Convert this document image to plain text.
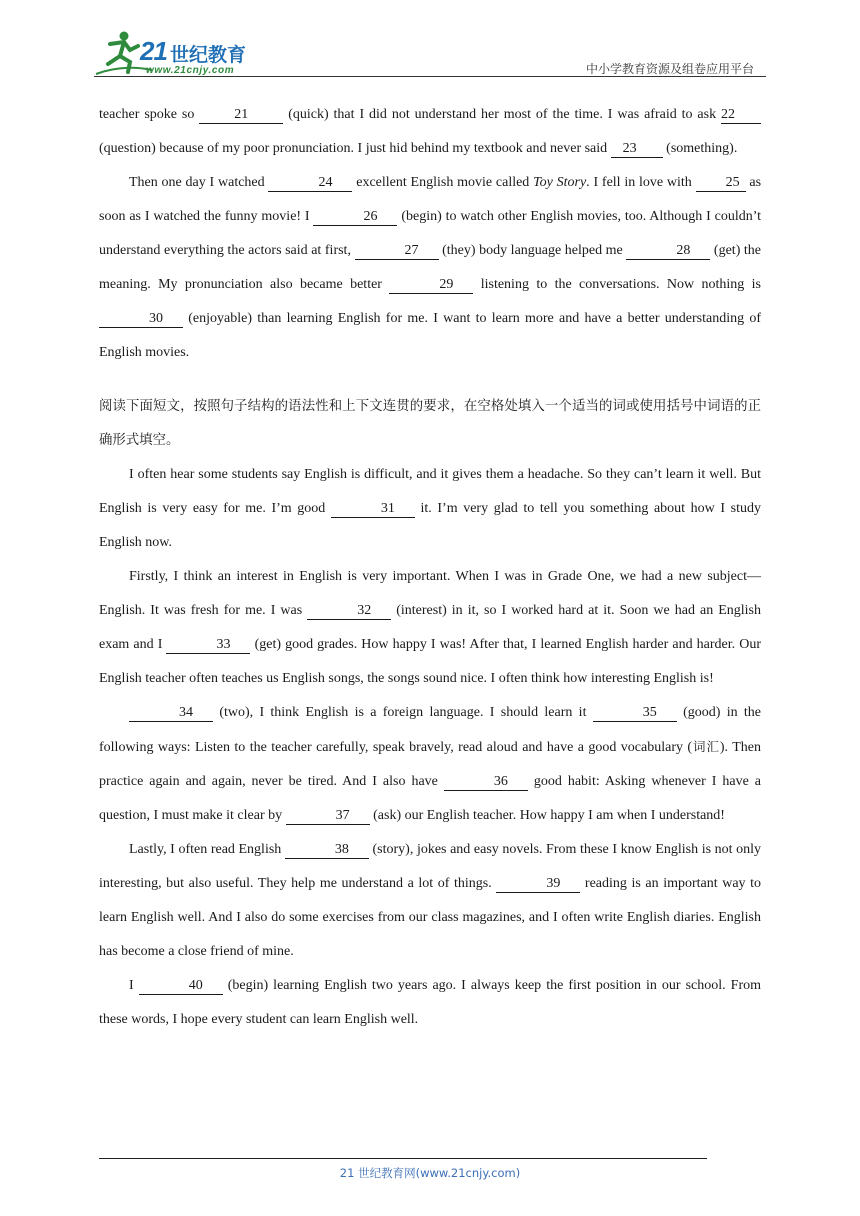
21 世纪教育
www.21cnjy.com	中小学教育资源及组卷应用平台

teacher spoke so	21	(quick) that I did not understand her most of the time. I was afraid to ask 22 (question) because of my poor pronunciation. I just hid behind my textbook and never said 23 (something).

Then one day I watched	24 excellent English movie called Toy Story. I fell in love with 25 as soon as I watched the funny movie! I	26 (begin) to watch other English movies, too. Although I couldn’t understand everything the actors said at first,	27 (they) body language helped me	28 (get) the meaning. My pronunciation also became better	29 listening to the conversations. Now nothing is 30 (enjoyable) than learning English for me. I want to learn more and have a better understanding of English movies.

阅读下面短文，按照句子结构的语法性和上下文连贯的要求，在空格处填入一个适当的词或使用括号中词语的正确形式填空。

I often hear some students say English is difficult, and it gives them a headache. So they can’t learn it well. But English is very easy for me. I’m good	31 it. I’m very glad to tell you something about how I study English now.

Firstly, I think an interest in English is very important. When I was in Grade One, we had a new subject—English. It was fresh for me. I was	32 (interest) in it, so I worked hard at it. Soon we had an English exam and I	33 (get) good grades. How happy I was! After that, I learned English harder and harder. Our English teacher often teaches us English songs, the songs sound nice. I often think how interesting English is!

34 (two), I think English is a foreign language. I should learn it	35 (good) in the following ways: Listen to the teacher carefully, speak bravely, read aloud and have a good vocabulary (词汇). Then practice again and again, never be tired. And I also have	36 good habit: Asking whenever I have a question, I must make it clear by	37 (ask) our English teacher. How happy I am when I understand!

Lastly, I often read English	38 (story), jokes and easy novels. From these I know English is not only interesting, but also useful. They help me understand a lot of things.	39 reading is an important way to learn English well. And I also do some exercises from our class magazines, and I often write English diaries. English has become a close friend of mine.

I	40 (begin) learning English two years ago. I always keep the first position in our school. From these words, I hope every student can learn English well.

21 世纪教育网(www.21cnjy.com)
